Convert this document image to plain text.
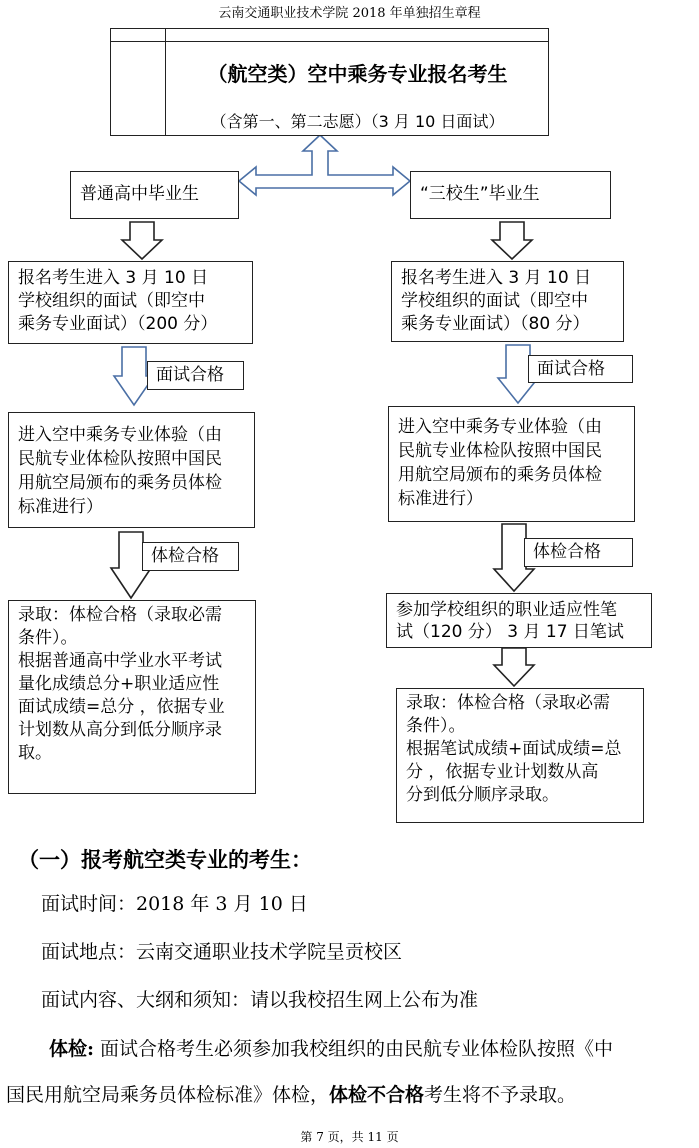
云南交通职业技术学院 2018 年单独招生章程
（航空类）空中乘务专业报名考生
（含第一、第二志愿）（3 月 10 日面试）
普通高中毕业生	“三校生”毕业生
报名考生进入 3 月 10 日
学校组织的面试（即空中
乘务专业面试）（200 分）
报名考生进入 3 月 10 日
学校组织的面试（即空中
乘务专业面试）（80 分）
面试合格	面试合格
进入空中乘务专业体验（由
民航专业体检队按照中国民
用航空局颁布的乘务员体检
标准进行）
进入空中乘务专业体验（由
民航专业体检队按照中国民
用航空局颁布的乘务员体检
标准进行）
体检合格	体检合格
参加学校组织的职业适应性笔
试（120 分） 3 月 17 日笔试
录取：体检合格（录取必需
条件）。
根据普通高中学业水平考试
量化成绩总分+职业适应性
面试成绩=总分 ，依据专业
计划数从高分到低分顺序录
取。
录取：体检合格（录取必需
条件）。
根据笔试成绩+面试成绩=总
分 ，依据专业计划数从高
分到低分顺序录取。
（一）报考航空类专业的考生：
面试时间：2018 年 3 月 10 日
面试地点：云南交通职业技术学院呈贡校区
面试内容、大纲和须知：请以我校招生网上公布为准
体检: 面试合格考生必须参加我校组织的由民航专业体检队按照《中
国民用航空局乘务员体检标准》体检，体检不合格考生将不予录取。
第 7 页，共 11 页
